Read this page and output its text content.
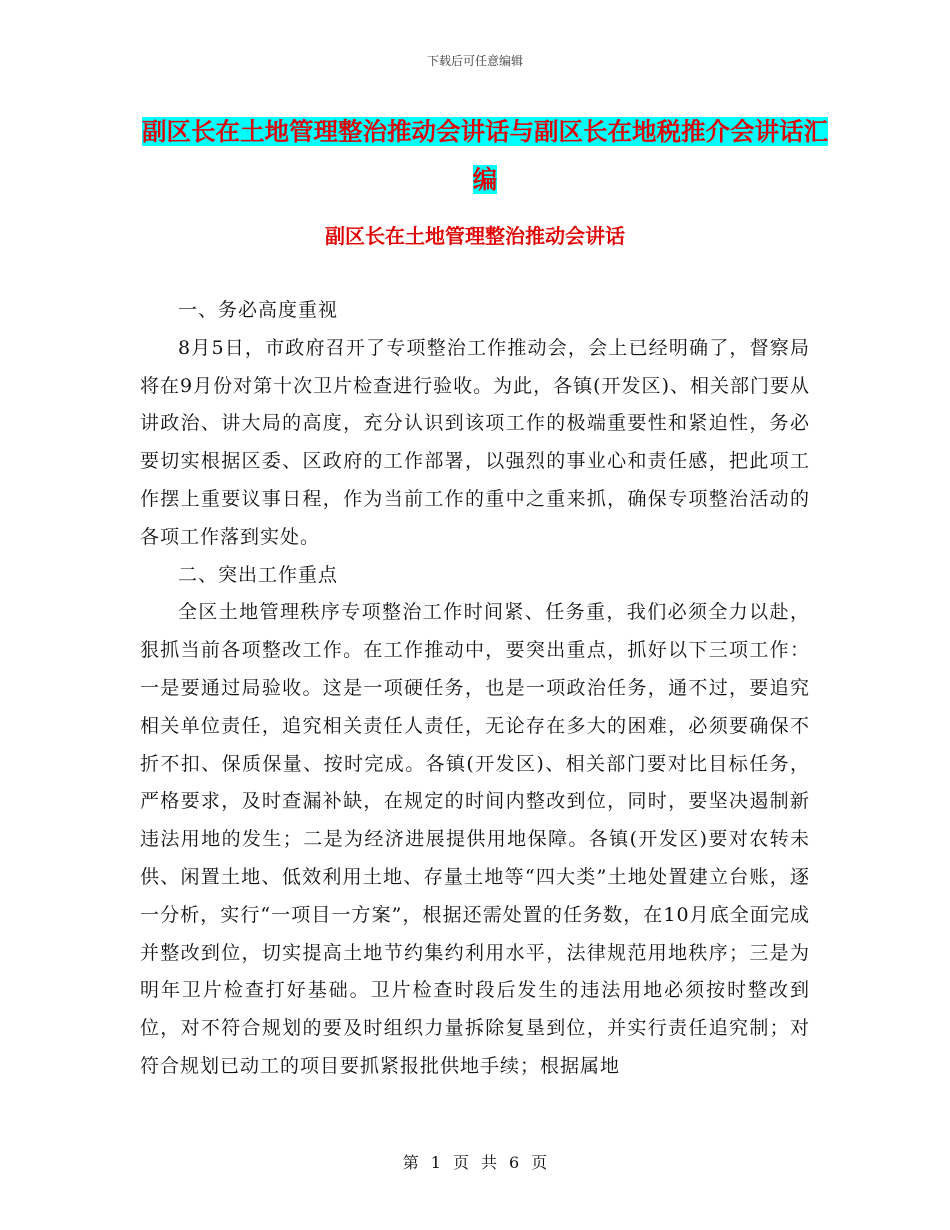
下载后可任意编辑
副区长在土地管理整治推动会讲话与副区长在地税推介会讲话汇编
副区长在土地管理整治推动会讲话

一、务必高度重视

8月5日，市政府召开了专项整治工作推动会，会上已经明确了，督察局将在9月份对第十次卫片检查进行验收。为此，各镇(开发区)、相关部门要从讲政治、讲大局的高度，充分认识到该项工作的极端重要性和紧迫性，务必要切实根据区委、区政府的工作部署，以强烈的事业心和责任感，把此项工作摆上重要议事日程，作为当前工作的重中之重来抓，确保专项整治活动的各项工作落到实处。

二、突出工作重点

全区土地管理秩序专项整治工作时间紧、任务重，我们必须全力以赴，狠抓当前各项整改工作。在工作推动中，要突出重点，抓好以下三项工作：一是要通过局验收。这是一项硬任务，也是一项政治任务，通不过，要追究相关单位责任，追究相关责任人责任，无论存在多大的困难，必须要确保不折不扣、保质保量、按时完成。各镇(开发区)、相关部门要对比目标任务，严格要求，及时查漏补缺，在规定的时间内整改到位，同时，要坚决遏制新违法用地的发生；二是为经济进展提供用地保障。各镇(开发区)要对农转未供、闲置土地、低效利用土地、存量土地等“四大类”土地处置建立台账，逐一分析，实行“一项目一方案”，根据还需处置的任务数，在10月底全面完成并整改到位，切实提高土地节约集约利用水平，法律规范用地秩序；三是为明年卫片检查打好基础。卫片检查时段后发生的违法用地必须按时整改到位，对不符合规划的要及时组织力量拆除复垦到位，并实行责任追究制；对符合规划已动工的项目要抓紧报批供地手续；根据属地

第 1 页 共 6 页
